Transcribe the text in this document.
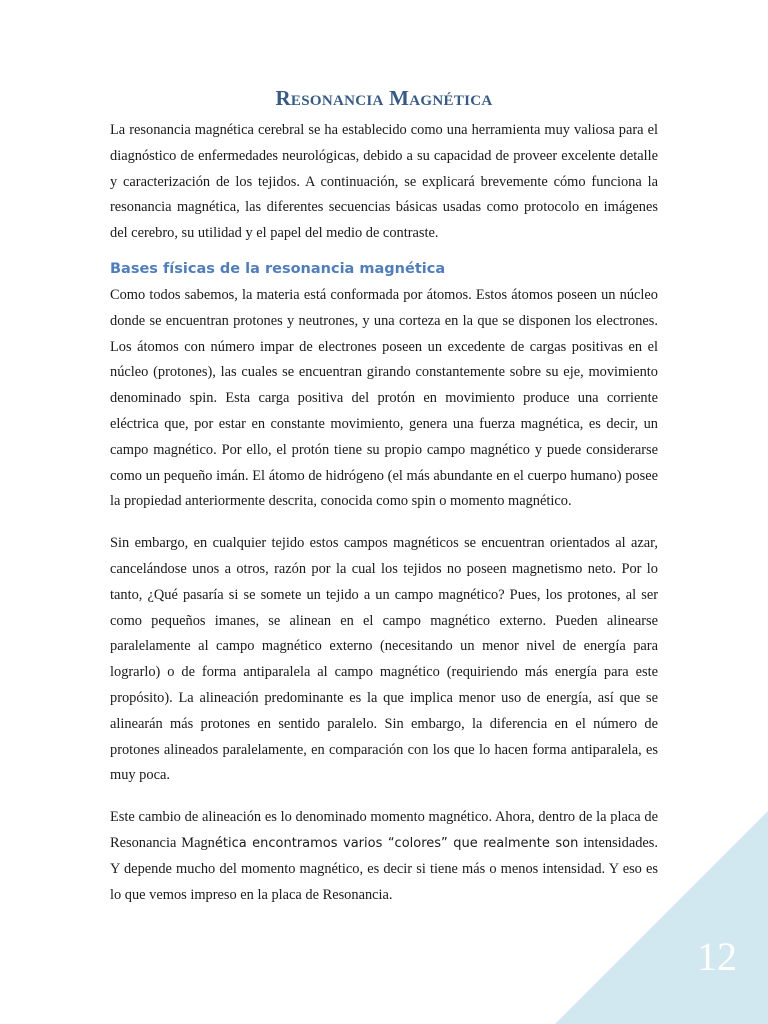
Resonancia Magnética

La resonancia magnética cerebral se ha establecido como una herramienta muy valiosa para el diagnóstico de enfermedades neurológicas, debido a su capacidad de proveer excelente detalle y caracterización de los tejidos. A continuación, se explicará brevemente cómo funciona la resonancia magnética, las diferentes secuencias básicas usadas como protocolo en imágenes del cerebro, su utilidad y el papel del medio de contraste.

Bases físicas de la resonancia magnética

Como todos sabemos, la materia está conformada por átomos. Estos átomos poseen un núcleo donde se encuentran protones y neutrones, y una corteza en la que se disponen los electrones. Los átomos con número impar de electrones poseen un excedente de cargas positivas en el núcleo (protones), las cuales se encuentran girando constantemente sobre su eje, movimiento denominado spin. Esta carga positiva del protón en movimiento produce una corriente eléctrica que, por estar en constante movimiento, genera una fuerza magnética, es decir, un campo magnético. Por ello, el protón tiene su propio campo magnético y puede considerarse como un pequeño imán. El átomo de hidrógeno (el más abundante en el cuerpo humano) posee la propiedad anteriormente descrita, conocida como spin o momento magnético.

Sin embargo, en cualquier tejido estos campos magnéticos se encuentran orientados al azar, cancelándose unos a otros, razón por la cual los tejidos no poseen magnetismo neto. Por lo tanto, ¿Qué pasaría si se somete un tejido a un campo magnético? Pues, los protones, al ser como pequeños imanes, se alinean en el campo magnético externo. Pueden alinearse paralelamente al campo magnético externo (necesitando un menor nivel de energía para lograrlo) o de forma antiparalela al campo magnético (requiriendo más energía para este propósito). La alineación predominante es la que implica menor uso de energía, así que se alinearán más protones en sentido paralelo. Sin embargo, la diferencia en el número de protones alineados paralelamente, en comparación con los que lo hacen forma antiparalela, es muy poca.

Este cambio de alineación es lo denominado momento magnético. Ahora, dentro de la placa de Resonancia Magnética encontramos varios “colores” que realmente son intensidades. Y depende mucho del momento magnético, es decir si tiene más o menos intensidad. Y eso es lo que vemos impreso en la placa de Resonancia.

12
